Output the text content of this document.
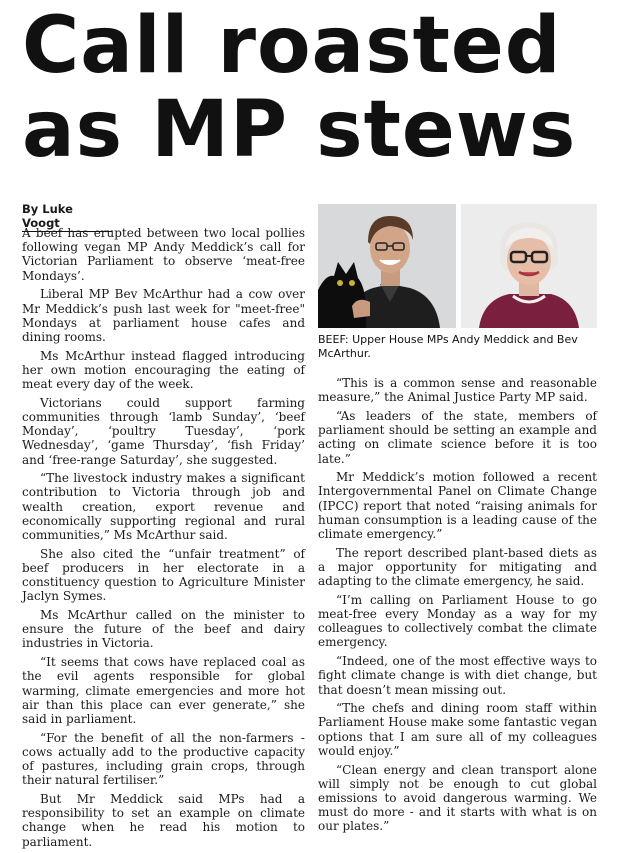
Call roasted
as MP stews
By Luke Voogt

A beef has erupted between two local pollies following vegan MP Andy Meddick’s call for Victorian Parliament to observe ‘meat-free Mondays’.

Liberal MP Bev McArthur had a cow over Mr Meddick’s push last week for "meet-free" Mondays at parliament house cafes and dining rooms.

Ms McArthur instead flagged introducing her own motion encouraging the eating of meat every day of the week.

Victorians could support farming communities through ‘lamb Sunday’, ‘beef Monday’, ‘poultry Tuesday’, ‘pork Wednesday’, ‘game Thursday’, ‘fish Friday’ and ‘free-range Saturday’, she suggested.

“The livestock industry makes a significant contribution to Victoria through job and wealth creation, export revenue and economically supporting regional and rural communities,” Ms McArthur said.

She also cited the “unfair treatment” of beef producers in her electorate in a constituency question to Agriculture Minister Jaclyn Symes.

Ms McArthur called on the minister to ensure the future of the beef and dairy industries in Victoria.

“It seems that cows have replaced coal as the evil agents responsible for global warming, climate emergencies and more hot air than this place can ever generate,” she said in parliament.

“For the benefit of all the non-farmers - cows actually add to the productive capacity of pastures, including grain crops, through their natural fertiliser.”

But Mr Meddick said MPs had a responsibility to set an example on climate change when he read his motion to parliament.

BEEF: Upper House MPs Andy Meddick and Bev McArthur.

“This is a common sense and reasonable measure,” the Animal Justice Party MP said.

“As leaders of the state, members of parliament should be setting an example and acting on climate science before it is too late.”

Mr Meddick’s motion followed a recent Intergovernmental Panel on Climate Change (IPCC) report that noted “raising animals for human consumption is a leading cause of the climate emergency.”

The report described plant-based diets as a major opportunity for mitigating and adapting to the climate emergency, he said.

“I’m calling on Parliament House to go meat-free every Monday as a way for my colleagues to collectively combat the climate emergency.

“Indeed, one of the most effective ways to fight climate change is with diet change, but that doesn’t mean missing out.

“The chefs and dining room staff within Parliament House make some fantastic vegan options that I am sure all of my colleagues would enjoy.”

“Clean energy and clean transport alone will simply not be enough to cut global emissions to avoid dangerous warming. We must do more - and it starts with what is on our plates.”
